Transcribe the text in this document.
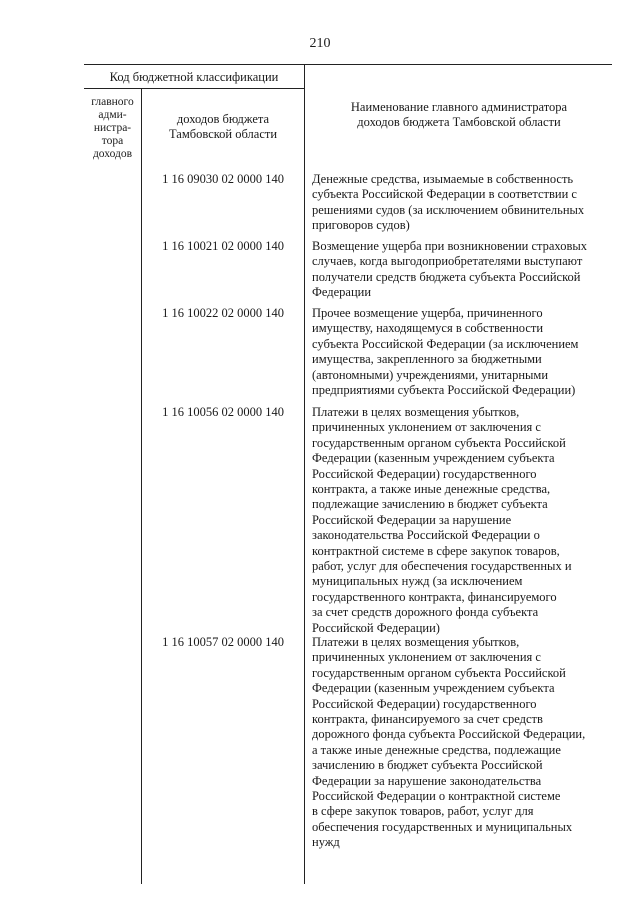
210
Код бюджетной классификации
главного
адми-
нистра-
тора
доходов
доходов бюджета
Тамбовской области
Наименование главного администратора
доходов бюджета Тамбовской области
1 16 09030 02 0000 140	Денежные средства, изымаемые в собственность
субъекта Российской Федерации в соответствии с
решениями судов (за исключением обвинительных
приговоров судов)
1 16 10021 02 0000 140	Возмещение ущерба при возникновении страховых
случаев, когда выгодоприобретателями выступают
получатели средств бюджета субъекта Российской
Федерации
1 16 10022 02 0000 140	Прочее возмещение ущерба, причиненного
имуществу, находящемуся в собственности
субъекта Российской Федерации (за исключением
имущества, закрепленного за бюджетными
(автономными) учреждениями, унитарными
предприятиями субъекта Российской Федерации)
1 16 10056 02 0000 140	Платежи в целях возмещения убытков,
причиненных уклонением от заключения с
государственным органом субъекта Российской
Федерации (казенным учреждением субъекта
Российской Федерации) государственного
контракта, а также иные денежные средства,
подлежащие зачислению в бюджет субъекта
Российской Федерации за нарушение
законодательства Российской Федерации о
контрактной системе в сфере закупок товаров,
работ, услуг для обеспечения государственных и
муниципальных нужд (за исключением
государственного контракта, финансируемого
за счет средств дорожного фонда субъекта
Российской Федерации)
1 16 10057 02 0000 140	Платежи в целях возмещения убытков,
причиненных уклонением от заключения с
государственным органом субъекта Российской
Федерации (казенным учреждением субъекта
Российской Федерации) государственного
контракта, финансируемого за счет средств
дорожного фонда субъекта Российской Федерации,
а также иные денежные средства, подлежащие
зачислению в бюджет субъекта Российской
Федерации за нарушение законодательства
Российской Федерации о контрактной системе
в сфере закупок товаров, работ, услуг для
обеспечения государственных и муниципальных
нужд
